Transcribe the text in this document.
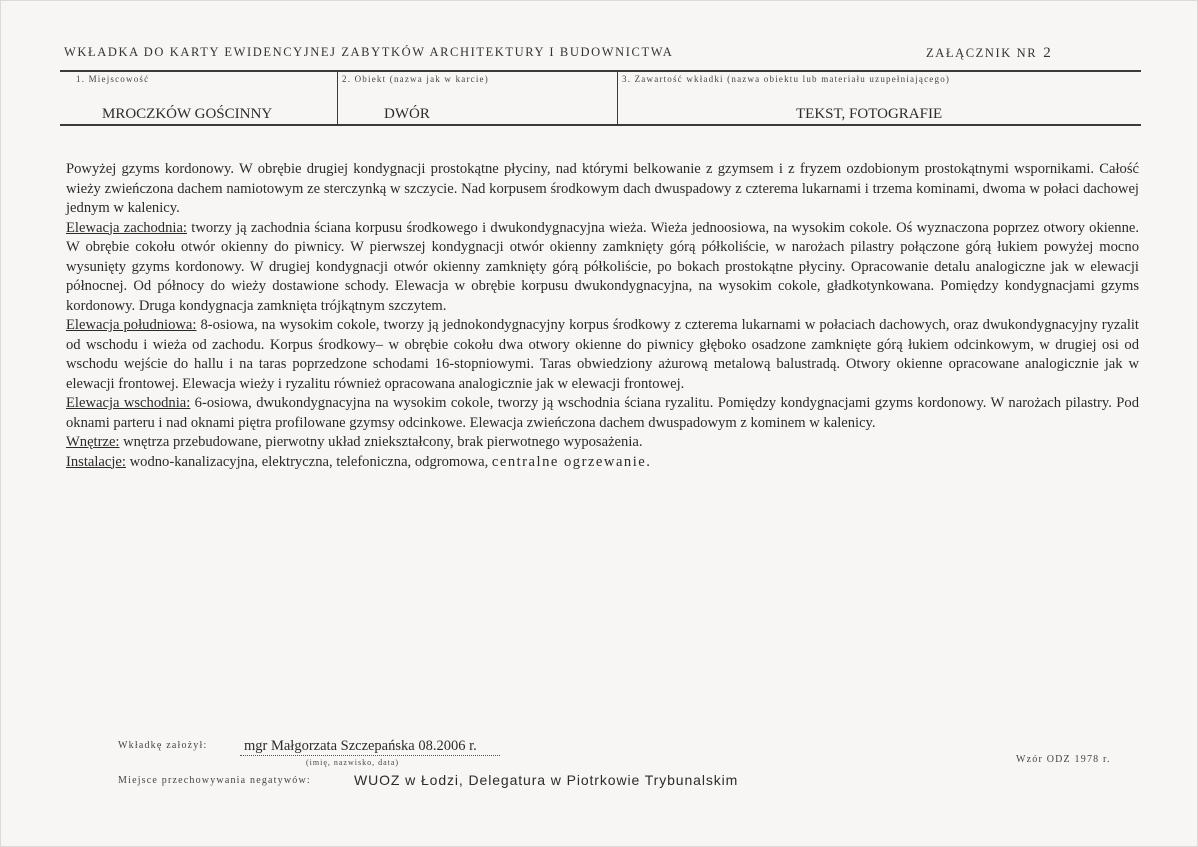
WKŁADKA DO KARTY EWIDENCYJNEJ ZABYTKÓW ARCHITEKTURY I BUDOWNICTWA	ZAŁĄCZNIK NR 2
1. Miejscowość	2. Obiekt (nazwa jak w karcie)	3. Zawartość wkładki (nazwa obiektu lub materiału uzupełniającego)
MROCZKÓW GOŚCINNY	DWÓR	TEKST, FOTOGRAFIE

Powyżej gzyms kordonowy. W obrębie drugiej kondygnacji prostokątne płyciny, nad którymi belkowanie z gzymsem i z fryzem ozdobionym prostokątnymi wspornikami. Całość wieży zwieńczona dachem namiotowym ze sterczynką w szczycie. Nad korpusem środkowym dach dwuspadowy z czterema lukarnami i trzema kominami, dwoma w połaci dachowej jednym w kalenicy.

Elewacja zachodnia: tworzy ją zachodnia ściana korpusu środkowego i dwukondygnacyjna wieża. Wieża jednoosiowa, na wysokim cokole. Oś wyznaczona poprzez otwory okienne. W obrębie cokołu otwór okienny do piwnicy. W pierwszej kondygnacji otwór okienny zamknięty górą półkoliście, w narożach pilastry połączone górą łukiem powyżej mocno wysunięty gzyms kordonowy. W drugiej kondygnacji otwór okienny zamknięty górą półkoliście, po bokach prostokątne płyciny. Opracowanie detalu analogiczne jak w elewacji północnej. Od północy do wieży dostawione schody. Elewacja w obrębie korpusu dwukondygnacyjna, na wysokim cokole, gładkotynkowana. Pomiędzy kondygnacjami gzyms kordonowy. Druga kondygnacja zamknięta trójkątnym szczytem.

Elewacja południowa: 8-osiowa, na wysokim cokole, tworzy ją jednokondygnacyjny korpus środkowy z czterema lukarnami w połaciach dachowych, oraz dwukondygnacyjny ryzalit od wschodu i wieża od zachodu. Korpus środkowy– w obrębie cokołu dwa otwory okienne do piwnicy głęboko osadzone zamknięte górą łukiem odcinkowym, w drugiej osi od wschodu wejście do hallu i na taras poprzedzone schodami 16-stopniowymi. Taras obwiedziony ażurową metalową balustradą. Otwory okienne opracowane analogicznie jak w elewacji frontowej. Elewacja wieży i ryzalitu również opracowana analogicznie jak w elewacji frontowej.

Elewacja wschodnia: 6-osiowa, dwukondygnacyjna na wysokim cokole, tworzy ją wschodnia ściana ryzalitu. Pomiędzy kondygnacjami gzyms kordonowy. W narożach pilastry. Pod oknami parteru i nad oknami piętra profilowane gzymsy odcinkowe. Elewacja zwieńczona dachem dwuspadowym z kominem w kalenicy.

Wnętrze: wnętrza przebudowane, pierwotny układ zniekształcony, brak pierwotnego wyposażenia.

Instalacje: wodno-kanalizacyjna, elektryczna, telefoniczna, odgromowa, centralne ogrzewanie.

Wkładkę założył:	mgr Małgorzata Szczepańska 08.2006 r.
(imię, nazwisko, data)	Wzór ODZ 1978 r.
Miejsce przechowywania negatywów:	WUOZ w Łodzi, Delegatura w Piotrkowie Trybunalskim
